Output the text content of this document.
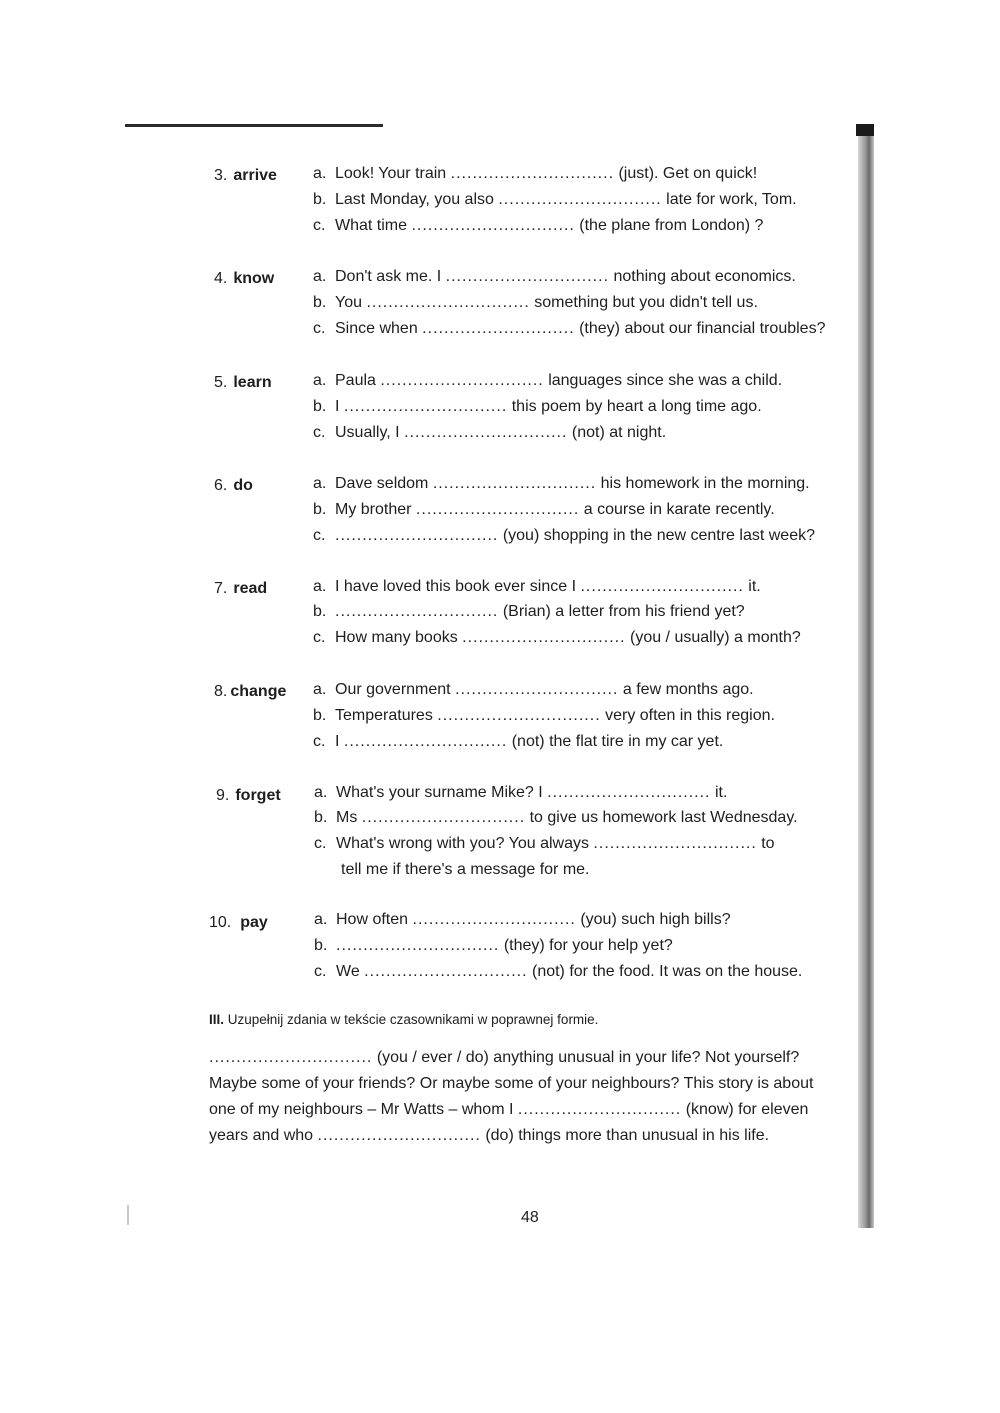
3. arrive a. Look! Your train .............................. (just). Get on quick!
b. Last Monday, you also .............................. late for work, Tom.
c. What time .............................. (the plane from London) ?
4. know a. Don't ask me. I .............................. nothing about economics.
b. You .............................. something but you didn't tell us.
c. Since when ............................ (they) about our financial troubles?
5. learn	a. Paula .............................. languages since she was a child.
b. I .............................. this poem by heart a long time ago.
c. Usually, I .............................. (not) at night.
6. do	a. Dave seldom .............................. his homework in the morning.
b. My brother .............................. a course in karate recently.
c. .............................. (you) shopping in the new centre last week?
7. read	a. I have loved this book ever since I .............................. it.
b. .............................. (Brian) a letter from his friend yet?
c. How many books .............................. (you / usually) a month?
8. change a. Our government .............................. a few months ago.
b. Temperatures .............................. very often in this region.
c. I .............................. (not) the flat tire in my car yet.
9. forget a. What's your surname Mike? I .............................. it.
b. Ms .............................. to give us homework last Wednesday.
c. What's wrong with you? You always .............................. to
tell me if there's a message for me.
10. pay	a. How often .............................. (you) such high bills?
b. .............................. (they) for your help yet?
c. We .............................. (not) for the food. It was on the house.
III. Uzupełnij zdania w tekście czasownikami w poprawnej formie.
.............................. (you / ever / do) anything unusual in your life? Not yourself?
Maybe some of your friends? Or maybe some of your neighbours? This story is about
one of my neighbours – Mr Watts – whom I .............................. (know) for eleven
years and who .............................. (do) things more than unusual in his life.
48
